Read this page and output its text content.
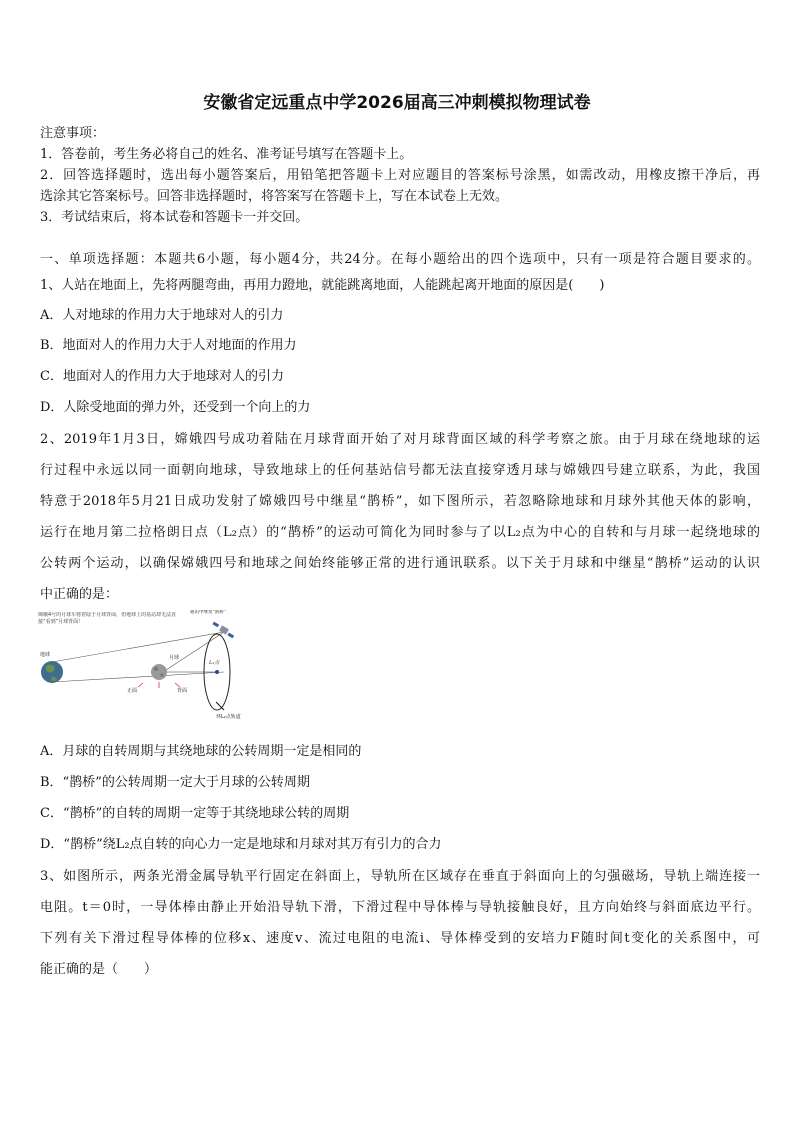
安徽省定远重点中学2026届高三冲刺模拟物理试卷
注意事项：
1．答卷前，考生务必将自己的姓名、准考证号填写在答题卡上。
2．回答选择题时，选出每小题答案后，用铅笔把答题卡上对应题目的答案标号涂黑，如需改动，用橡皮擦干净后，再
选涂其它答案标号。回答非选择题时，将答案写在答题卡上，写在本试卷上无效。
3．考试结束后，将本试卷和答题卡一并交回。
一、单项选择题：本题共6小题，每小题4分，共24分。在每小题给出的四个选项中，只有一项是符合题目要求的。
1、人站在地面上，先将两腿弯曲，再用力蹬地，就能跳离地面，人能跳起离开地面的原因是(　　)
A．人对地球的作用力大于地球对人的引力
B．地面对人的作用力大于人对地面的作用力
C．地面对人的作用力大于地球对人的引力
D．人除受地面的弹力外，还受到一个向上的力
2、2019年1月3日，嫦娥四号成功着陆在月球背面开始了对月球背面区域的科学考察之旅。由于月球在绕地球的运
行过程中永远以同一面朝向地球，导致地球上的任何基站信号都无法直接穿透月球与嫦娥四号建立联系，为此，我国
特意于2018年5月21日成功发射了嫦娥四号中继星“鹊桥”，如下图所示，若忽略除地球和月球外其他天体的影响，
运行在地月第二拉格朗日点（L₂点）的“鹊桥”的运动可简化为同时参与了以L₂点为中心的自转和与月球一起绕地球的
公转两个运动，以确保嫦娥四号和地球之间始终能够正常的进行通讯联系。以下关于月球和中继星“鹊桥”运动的认识
中正确的是：
嫦娥4号的月球车将着陆于月球背面，但地球上的基站却无法直接“看到”月球背面！
地球	月球
正面	背面
L₂点
通讯中继星“鹊桥”
环L₂点轨道
A．月球的自转周期与其绕地球的公转周期一定是相同的
B．“鹊桥”的公转周期一定大于月球的公转周期
C．“鹊桥”的自转的周期一定等于其绕地球公转的周期
D．“鹊桥”绕L₂点自转的向心力一定是地球和月球对其万有引力的合力
3、如图所示，两条光滑金属导轨平行固定在斜面上，导轨所在区域存在垂直于斜面向上的匀强磁场，导轨上端连接一
电阻。t＝0时，一导体棒由静止开始沿导轨下滑，下滑过程中导体棒与导轨接触良好，且方向始终与斜面底边平行。
下列有关下滑过程导体棒的位移x、速度v、流过电阻的电流i、导体棒受到的安培力F随时间t变化的关系图中，可
能正确的是（　　）
